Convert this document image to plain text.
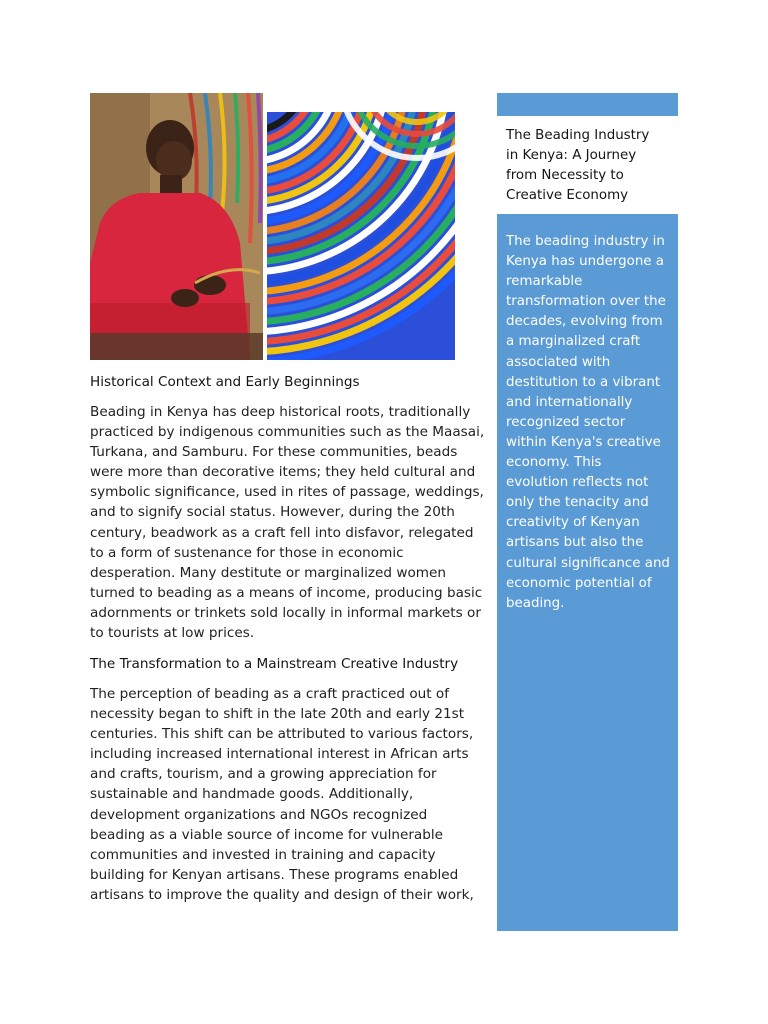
The Beading Industry
in Kenya: A Journey
from Necessity to
Creative Economy
The beading industry in
Kenya has undergone a
remarkable
transformation over the
decades, evolving from
a marginalized craft
associated with
destitution to a vibrant
and internationally
recognized sector
within Kenya's creative
economy. This
evolution reflects not
only the tenacity and
creativity of Kenyan
artisans but also the
cultural significance and
economic potential of
beading.
Historical Context and Early Beginnings
Beading in Kenya has deep historical roots, traditionally
practiced by indigenous communities such as the Maasai,
Turkana, and Samburu. For these communities, beads
were more than decorative items; they held cultural and
symbolic significance, used in rites of passage, weddings,
and to signify social status. However, during the 20th
century, beadwork as a craft fell into disfavor, relegated
to a form of sustenance for those in economic
desperation. Many destitute or marginalized women
turned to beading as a means of income, producing basic
adornments or trinkets sold locally in informal markets or
to tourists at low prices.
The Transformation to a Mainstream Creative Industry
The perception of beading as a craft practiced out of
necessity began to shift in the late 20th and early 21st
centuries. This shift can be attributed to various factors,
including increased international interest in African arts
and crafts, tourism, and a growing appreciation for
sustainable and handmade goods. Additionally,
development organizations and NGOs recognized
beading as a viable source of income for vulnerable
communities and invested in training and capacity
building for Kenyan artisans. These programs enabled
artisans to improve the quality and design of their work,
